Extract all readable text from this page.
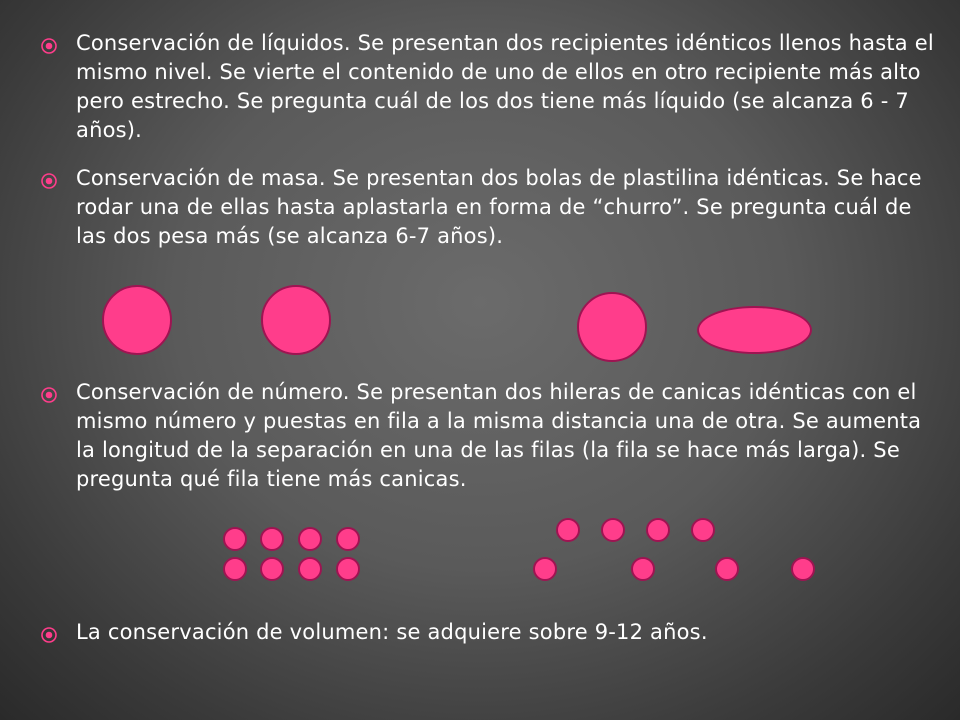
Conservación de líquidos. Se presentan dos recipientes idénticos llenos hasta el mismo nivel. Se vierte el contenido de uno de ellos en otro recipiente más alto pero estrecho. Se pregunta cuál de los dos tiene más líquido (se alcanza 6 - 7 años).
Conservación de masa. Se presentan dos bolas de plastilina idénticas. Se hace rodar una de ellas hasta aplastarla en forma de “churro”. Se pregunta cuál de las dos pesa más (se alcanza 6-7 años).
Conservación de número. Se presentan dos hileras de canicas idénticas con el mismo número y puestas en fila a la misma distancia una de otra. Se aumenta la longitud de la separación en una de las filas (la fila se hace más larga). Se pregunta qué fila tiene más canicas.
La conservación de volumen: se adquiere sobre 9-12 años.
